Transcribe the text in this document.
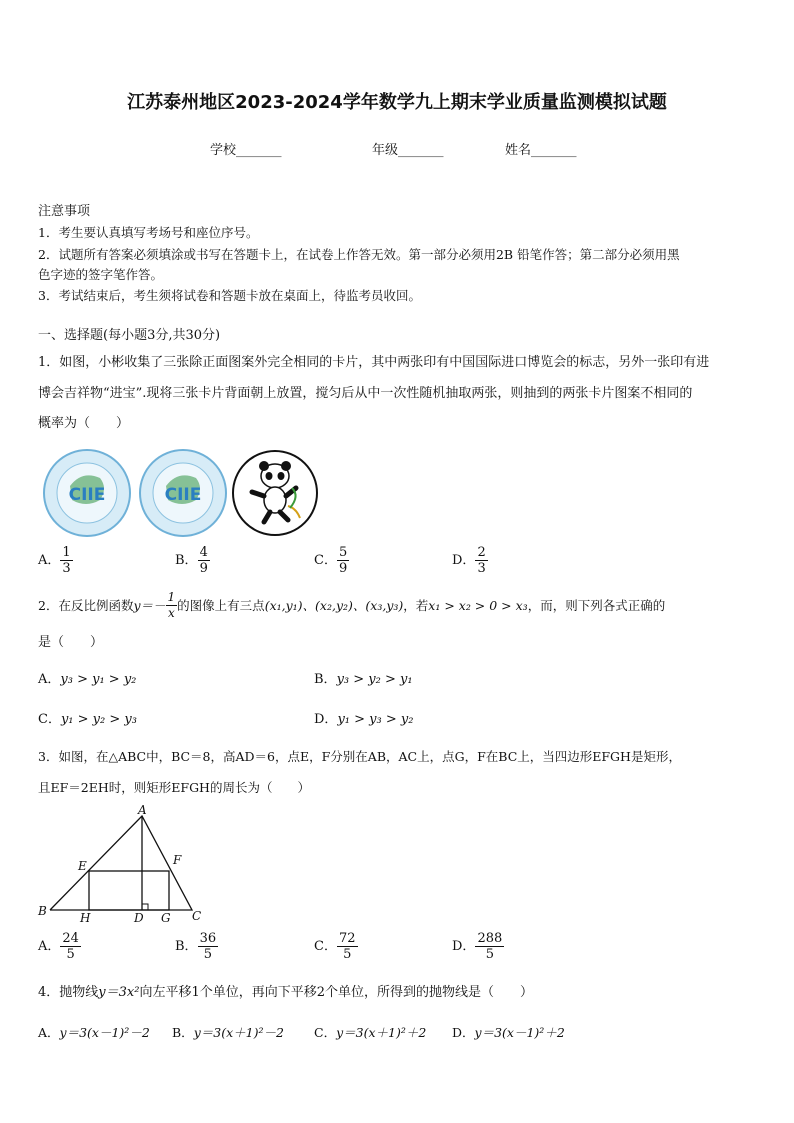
江苏泰州地区2023-2024学年数学九上期末学业质量监测模拟试题
学校_______	年级_______	姓名_______
注意事项
1．考生要认真填写考场号和座位序号。
2．试题所有答案必须填涂或书写在答题卡上，在试卷上作答无效。第一部分必须用2B 铅笔作答；第二部分必须用黑
色字迹的签字笔作答。
3．考试结束后，考生须将试卷和答题卡放在桌面上，待监考员收回。
一、选择题(每小题3分,共30分)
1．如图，小彬收集了三张除正面图案外完全相同的卡片，其中两张印有中国国际进口博览会的标志，另外一张印有进
博会吉祥物“进宝”.现将三张卡片背面朝上放置，搅匀后从中一次性随机抽取两张，则抽到的两张卡片图案不相同的
概率为（　　）
CIIE	CIIE
A． $\frac{1}{3}$	B． $\frac{4}{9}$	C． $\frac{5}{9}$	D． $\frac{2}{3}$
2．在反比例函数 $y=- \frac{1}{x}$ 的图像上有三点 (x₁,y₁)、(x₂,y₂)、(x₃,y₃) ，若 x₁ > x₂ > 0 > x₃ ，而，则下列各式正确的
是（　　）
A．y₃ > y₁ > y₂	B．y₃ > y₂ > y₁
C．y₁ > y₂ > y₃	D．y₁ > y₃ > y₂
3．如图，在△ABC中，BC＝8，高AD＝6，点E，F分别在AB，AC上，点G，F在BC上，当四边形EFGH是矩形，
且EF＝2EH时，则矩形EFGH的周长为（　　）
A
B	C
D
E	F
G
H
A． $\frac{24}{5}$	B． $\frac{36}{5}$	C． $\frac{72}{5}$	D． $\frac{288}{5}$
4．抛物线y＝3x²向左平移1个单位，再向下平移2个单位，所得到的抛物线是（　　）
A．y＝3(x－1)²－2 B．y＝3(x＋1)²－2 C．y＝3(x＋1)²＋2 D．y＝3(x－1)²＋2
